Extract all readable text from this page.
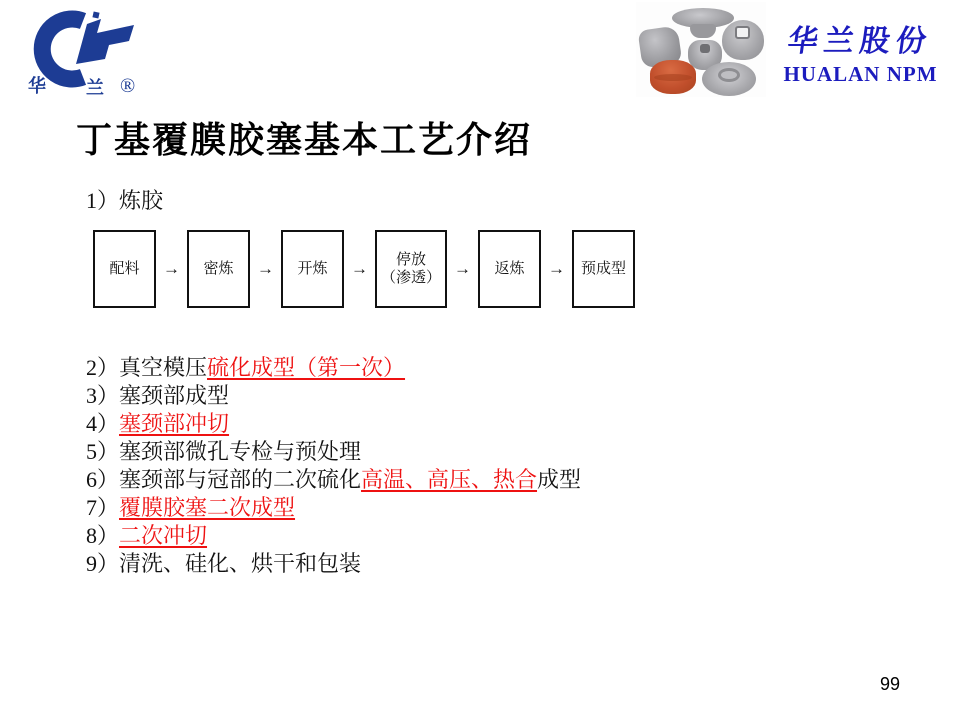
华 兰 ®
华兰股份
HUALAN NPM
丁基覆膜胶塞基本工艺介绍
1）炼胶
配料	→	密炼	→	开炼	→	停放
（渗透） →	返炼	→	预成型
2）真空模压硫化成型（第一次）
3）塞颈部成型
4）塞颈部冲切
5）塞颈部微孔专检与预处理
6）塞颈部与冠部的二次硫化高温、高压、热合成型
7）覆膜胶塞二次成型
8）二次冲切
9）清洗、硅化、烘干和包装
99
